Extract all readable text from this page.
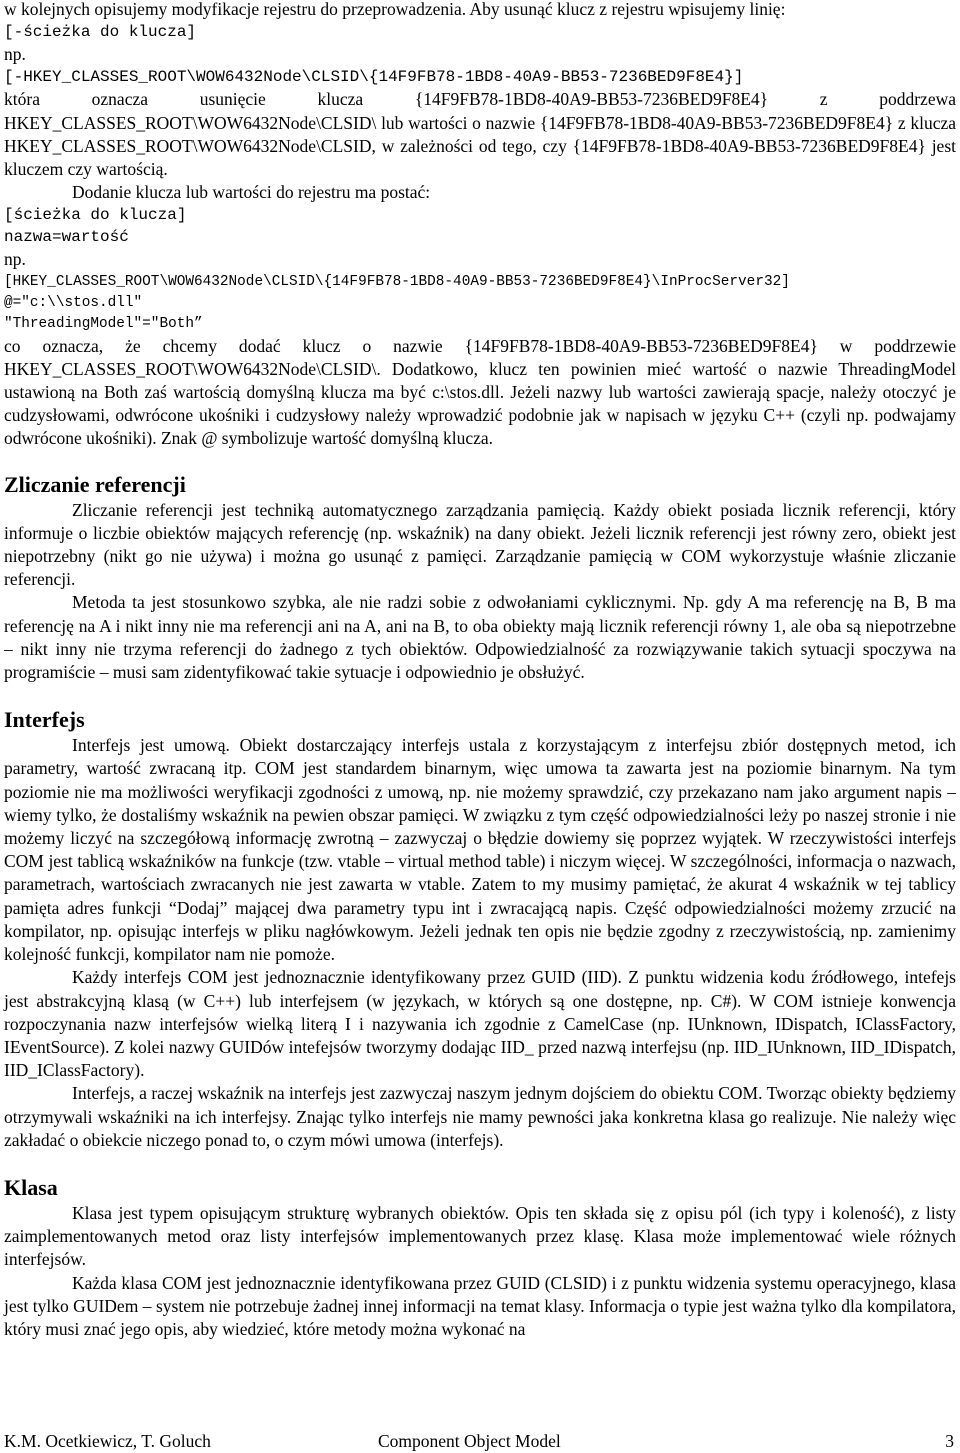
w kolejnych opisujemy modyfikacje rejestru do przeprowadzenia. Aby usunąć klucz z rejestru wpisujemy linię:

[-ścieżka do klucza]

np.

[-HKEY_CLASSES_ROOT\WOW6432Node\CLSID\{14F9FB78-1BD8-40A9-BB53-7236BED9F8E4}]

która oznacza usunięcie klucza {14F9FB78-1BD8-40A9-BB53-7236BED9F8E4} z poddrzewa HKEY_CLASSES_ROOT\WOW6432Node\CLSID\ lub wartości o nazwie {14F9FB78-1BD8-40A9-BB53-7236BED9F8E4} z klucza HKEY_CLASSES_ROOT\WOW6432Node\CLSID, w zależności od tego, czy {14F9FB78-1BD8-40A9-BB53-7236BED9F8E4} jest kluczem czy wartością.

Dodanie klucza lub wartości do rejestru ma postać:

[ścieżka do klucza]

nazwa=wartość

np.

[HKEY_CLASSES_ROOT\WOW6432Node\CLSID\{14F9FB78-1BD8-40A9-BB53-7236BED9F8E4}\InProcServer32]

@="c:\\stos.dll"

"ThreadingModel"="Both”

co oznacza, że chcemy dodać klucz o nazwie {14F9FB78-1BD8-40A9-BB53-7236BED9F8E4} w poddrzewie HKEY_CLASSES_ROOT\WOW6432Node\CLSID\. Dodatkowo, klucz ten powinien mieć wartość o nazwie ThreadingModel ustawioną na Both zaś wartością domyślną klucza ma być c:\stos.dll. Jeżeli nazwy lub wartości zawierają spacje, należy otoczyć je cudzysłowami, odwrócone ukośniki i cudzysłowy należy wprowadzić podobnie jak w napisach w języku C++ (czyli np. podwajamy odwrócone ukośniki). Znak @ symbolizuje wartość domyślną klucza.

Zliczanie referencji

Zliczanie referencji jest techniką automatycznego zarządzania pamięcią. Każdy obiekt posiada licznik referencji, który informuje o liczbie obiektów mających referencję (np. wskaźnik) na dany obiekt. Jeżeli licznik referencji jest równy zero, obiekt jest niepotrzebny (nikt go nie używa) i można go usunąć z pamięci. Zarządzanie pamięcią w COM wykorzystuje właśnie zliczanie referencji.

Metoda ta jest stosunkowo szybka, ale nie radzi sobie z odwołaniami cyklicznymi. Np. gdy A ma referencję na B, B ma referencję na A i nikt inny nie ma referencji ani na A, ani na B, to oba obiekty mają licznik referencji równy 1, ale oba są niepotrzebne – nikt inny nie trzyma referencji do żadnego z tych obiektów. Odpowiedzialność za rozwiązywanie takich sytuacji spoczywa na programiście – musi sam zidentyfikować takie sytuacje i odpowiednio je obsłużyć.

Interfejs

Interfejs jest umową. Obiekt dostarczający interfejs ustala z korzystającym z interfejsu zbiór dostępnych metod, ich parametry, wartość zwracaną itp. COM jest standardem binarnym, więc umowa ta zawarta jest na poziomie binarnym. Na tym poziomie nie ma możliwości weryfikacji zgodności z umową, np. nie możemy sprawdzić, czy przekazano nam jako argument napis – wiemy tylko, że dostaliśmy wskaźnik na pewien obszar pamięci. W związku z tym część odpowiedzialności leży po naszej stronie i nie możemy liczyć na szczegółową informację zwrotną – zazwyczaj o błędzie dowiemy się poprzez wyjątek. W rzeczywistości interfejs COM jest tablicą wskaźników na funkcje (tzw. vtable – virtual method table) i niczym więcej. W szczególności, informacja o nazwach, parametrach, wartościach zwracanych nie jest zawarta w vtable. Zatem to my musimy pamiętać, że akurat 4 wskaźnik w tej tablicy pamięta adres funkcji “Dodaj” mającej dwa parametry typu int i zwracającą napis. Część odpowiedzialności możemy zrzucić na kompilator, np. opisując interfejs w pliku nagłówkowym. Jeżeli jednak ten opis nie będzie zgodny z rzeczywistością, np. zamienimy kolejność funkcji, kompilator nam nie pomoże.

Każdy interfejs COM jest jednoznacznie identyfikowany przez GUID (IID). Z punktu widzenia kodu źródłowego, intefejs jest abstrakcyjną klasą (w C++) lub interfejsem (w językach, w których są one dostępne, np. C#). W COM istnieje konwencja rozpoczynania nazw interfejsów wielką literą I i nazywania ich zgodnie z CamelCase (np. IUnknown, IDispatch, IClassFactory, IEventSource). Z kolei nazwy GUIDów intefejsów tworzymy dodając IID_ przed nazwą interfejsu (np. IID_IUnknown, IID_IDispatch, IID_IClassFactory).

Interfejs, a raczej wskaźnik na interfejs jest zazwyczaj naszym jednym dojściem do obiektu COM. Tworząc obiekty będziemy otrzymywali wskaźniki na ich interfejsy. Znając tylko interfejs nie mamy pewności jaka konkretna klasa go realizuje. Nie należy więc zakładać o obiekcie niczego ponad to, o czym mówi umowa (interfejs).

Klasa

Klasa jest typem opisującym strukturę wybranych obiektów. Opis ten składa się z opisu pól (ich typy i koleność), z listy zaimplementowanych metod oraz listy interfejsów implementowanych przez klasę. Klasa może implementować wiele różnych interfejsów.

Każda klasa COM jest jednoznacznie identyfikowana przez GUID (CLSID) i z punktu widzenia systemu operacyjnego, klasa jest tylko GUIDem – system nie potrzebuje żadnej innej informacji na temat klasy. Informacja o typie jest ważna tylko dla kompilatora, który musi znać jego opis, aby wiedzieć, które metody można wykonać na

K.M. Ocetkiewicz, T. Goluch	Component Object Model	3
